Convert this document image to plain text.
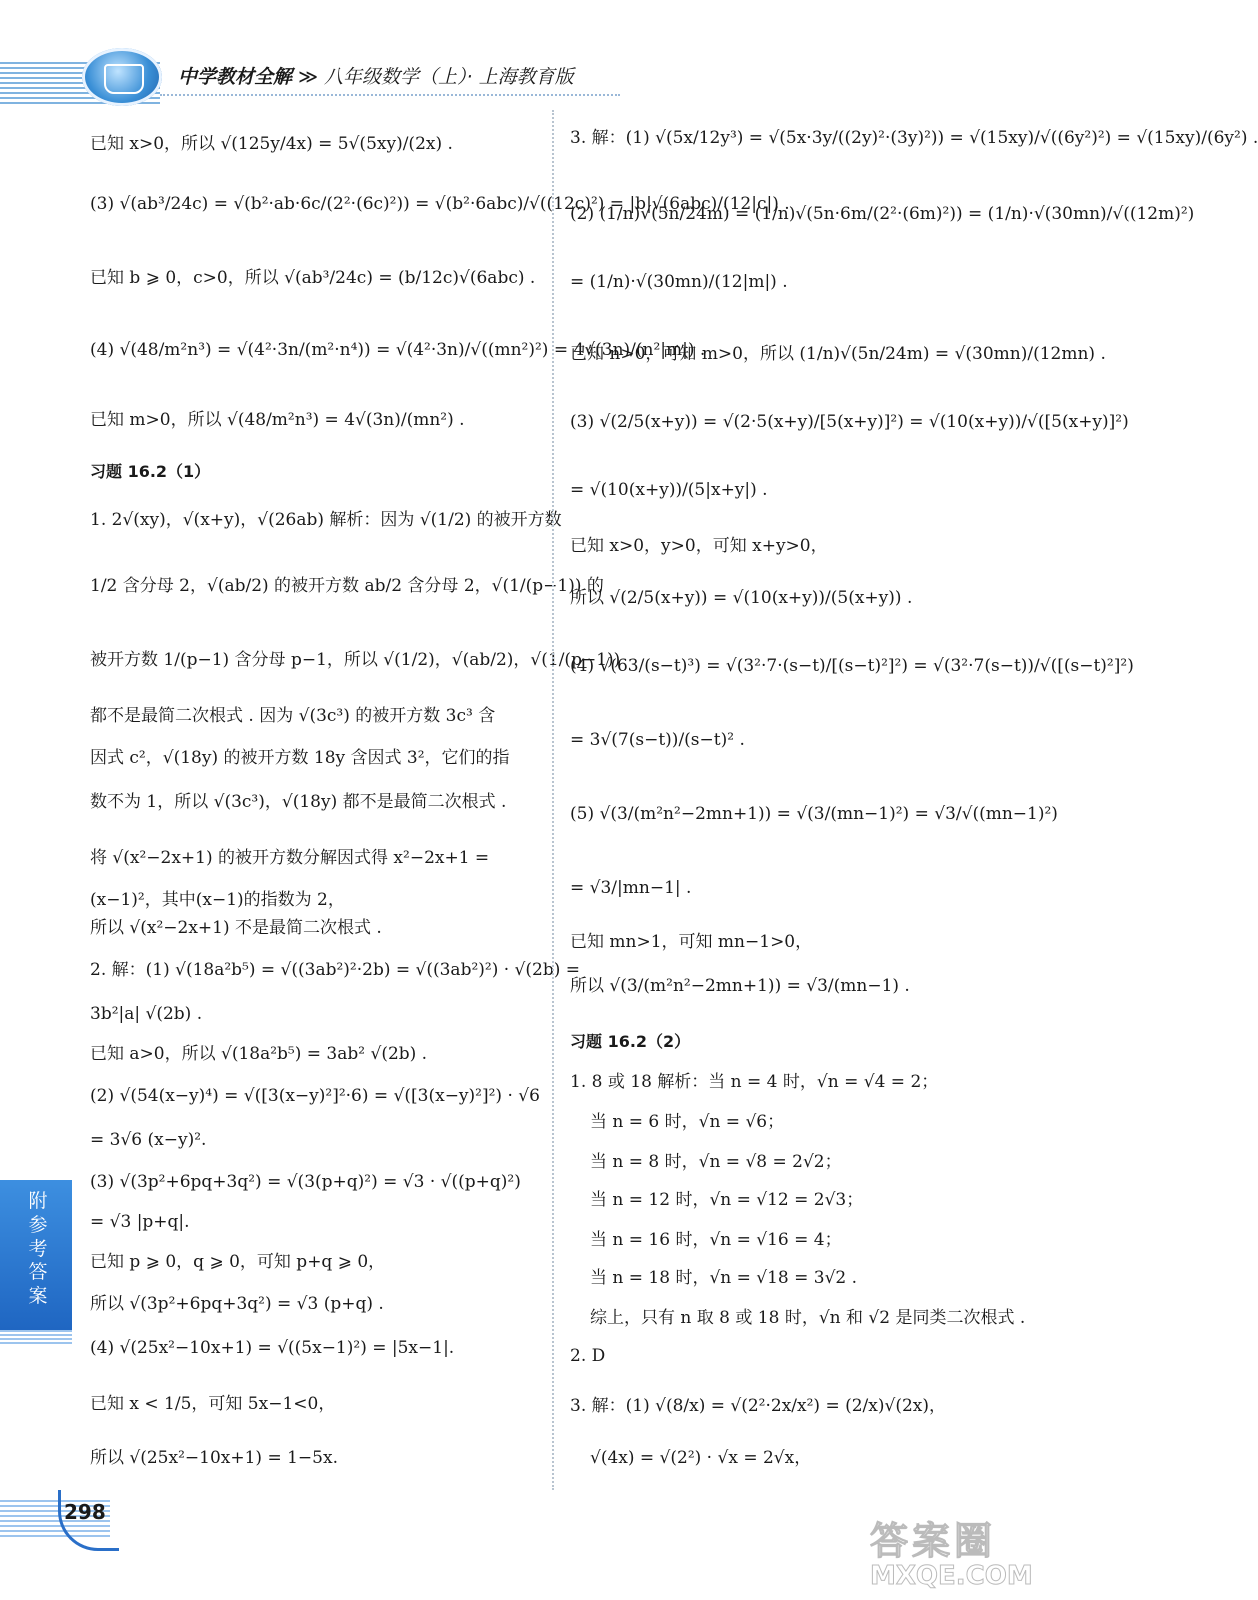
中学教材全解 ≫ 八年级数学（上）· 上海教育版
已知 x>0，所以 √(125y/4x) = 5√(5xy)/(2x) .
(3) √(ab³/24c) = √(b²·ab·6c/(2²·(6c)²)) = √(b²·6abc)/√((12c)²) = |b|√(6abc)/(12|c|) .
已知 b ⩾ 0，c>0，所以 √(ab³/24c) = (b/12c)√(6abc) .
(4) √(48/m²n³) = √(4²·3n/(m²·n⁴)) = √(4²·3n)/√((mn²)²) = 4√(3n)/(n²|m|) .
已知 m>0，所以 √(48/m²n³) = 4√(3n)/(mn²) .
习题 16.2（1）
1. 2√(xy)，√(x+y)，√(26ab) 解析：因为 √(1/2) 的被开方数
1/2 含分母 2，√(ab/2) 的被开方数 ab/2 含分母 2，√(1/(p−1)) 的
被开方数 1/(p−1) 含分母 p−1，所以 √(1/2)，√(ab/2)，√(1/(p−1))
都不是最简二次根式 . 因为 √(3c³) 的被开方数 3c³ 含
因式 c²，√(18y) 的被开方数 18y 含因式 3²，它们的指
数不为 1，所以 √(3c³)，√(18y) 都不是最简二次根式 .
将 √(x²−2x+1) 的被开方数分解因式得 x²−2x+1 =
(x−1)²，其中(x−1)的指数为 2，
所以 √(x²−2x+1) 不是最简二次根式 .
2. 解：(1) √(18a²b⁵) = √((3ab²)²·2b) = √((3ab²)²) · √(2b) =
3b²|a| √(2b) .
已知 a>0，所以 √(18a²b⁵) = 3ab² √(2b) .
(2) √(54(x−y)⁴) = √([3(x−y)²]²·6) = √([3(x−y)²]²) · √6
= 3√6 (x−y)².
(3) √(3p²+6pq+3q²) = √(3(p+q)²) = √3 · √((p+q)²)
= √3 |p+q|.
已知 p ⩾ 0，q ⩾ 0，可知 p+q ⩾ 0，
所以 √(3p²+6pq+3q²) = √3 (p+q) .
(4) √(25x²−10x+1) = √((5x−1)²) = |5x−1|.
已知 x < 1/5，可知 5x−1<0，
所以 √(25x²−10x+1) = 1−5x.
3. 解：(1) √(5x/12y³) = √(5x·3y/((2y)²·(3y)²)) = √(15xy)/√((6y²)²) = √(15xy)/(6y²) .
(2) (1/n)√(5n/24m) = (1/n)√(5n·6m/(2²·(6m)²)) = (1/n)·√(30mn)/√((12m)²)
= (1/n)·√(30mn)/(12|m|) .
已知 n>0，可知 m>0，所以 (1/n)√(5n/24m) = √(30mn)/(12mn) .
(3) √(2/5(x+y)) = √(2·5(x+y)/[5(x+y)]²) = √(10(x+y))/√([5(x+y)]²)
= √(10(x+y))/(5|x+y|) .
已知 x>0，y>0，可知 x+y>0，
所以 √(2/5(x+y)) = √(10(x+y))/(5(x+y)) .
(4) √(63/(s−t)³) = √(3²·7·(s−t)/[(s−t)²]²) = √(3²·7(s−t))/√([(s−t)²]²)
= 3√(7(s−t))/(s−t)² .
(5) √(3/(m²n²−2mn+1)) = √(3/(mn−1)²) = √3/√((mn−1)²)
= √3/|mn−1| .
已知 mn>1，可知 mn−1>0，
所以 √(3/(m²n²−2mn+1)) = √3/(mn−1) .
习题 16.2（2）
1. 8 或 18 解析：当 n = 4 时，√n = √4 = 2；
当 n = 6 时，√n = √6；
当 n = 8 时，√n = √8 = 2√2；
当 n = 12 时，√n = √12 = 2√3；
当 n = 16 时，√n = √16 = 4；
当 n = 18 时，√n = √18 = 3√2 .
综上，只有 n 取 8 或 18 时，√n 和 √2 是同类二次根式 .
2. D
3. 解：(1) √(8/x) = √(2²·2x/x²) = (2/x)√(2x)，
√(4x) = √(2²) · √x = 2√x，
附 参考答案
298
答案圈
MXQE.COM
